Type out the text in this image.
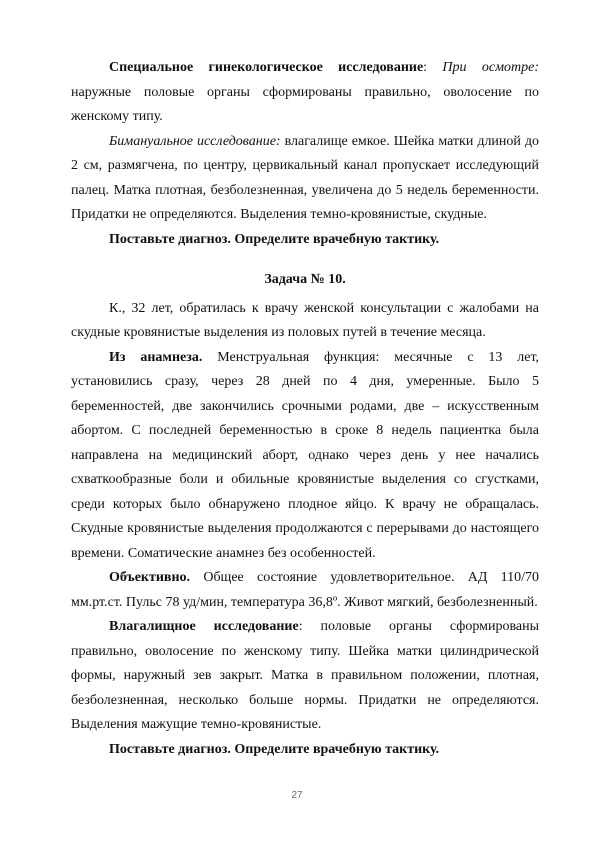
Специальное гинекологическое исследование: При осмотре: наружные половые органы сформированы правильно, оволосение по женскому типу.

Бимануальное исследование: влагалище емкое. Шейка матки длиной до 2 см, размягчена, по центру, цервикальный канал пропускает исследующий палец. Матка плотная, безболезненная, увеличена до 5 недель беременности. Придатки не определяются. Выделения темно-кровянистые, скудные.

Поставьте диагноз. Определите врачебную тактику.

Задача № 10.

К., 32 лет, обратилась к врачу женской консультации с жалобами на скудные кровянистые выделения из половых путей в течение месяца.

Из анамнеза. Менструальная функция: месячные с 13 лет, установились сразу, через 28 дней по 4 дня, умеренные. Было 5 беременностей, две закончились срочными родами, две – искусственным абортом. С последней беременностью в сроке 8 недель пациентка была направлена на медицинский аборт, однако через день у нее начались схваткообразные боли и обильные кровянистые выделения со сгустками, среди которых было обнаружено плодное яйцо. К врачу не обращалась. Скудные кровянистые выделения продолжаются с перерывами до настоящего времени. Соматические анамнез без особенностей.

Объективно. Общее состояние удовлетворительное. АД 110/70 мм.рт.ст. Пульс 78 уд/мин, температура 36,8º. Живот мягкий, безболезненный.

Влагалищное исследование: половые органы сформированы правильно, оволосение по женскому типу. Шейка матки цилиндрической формы, наружный зев закрыт. Матка в правильном положении, плотная, безболезненная, несколько больше нормы. Придатки не определяются. Выделения мажущие темно-кровянистые.

Поставьте диагноз. Определите врачебную тактику.

27
